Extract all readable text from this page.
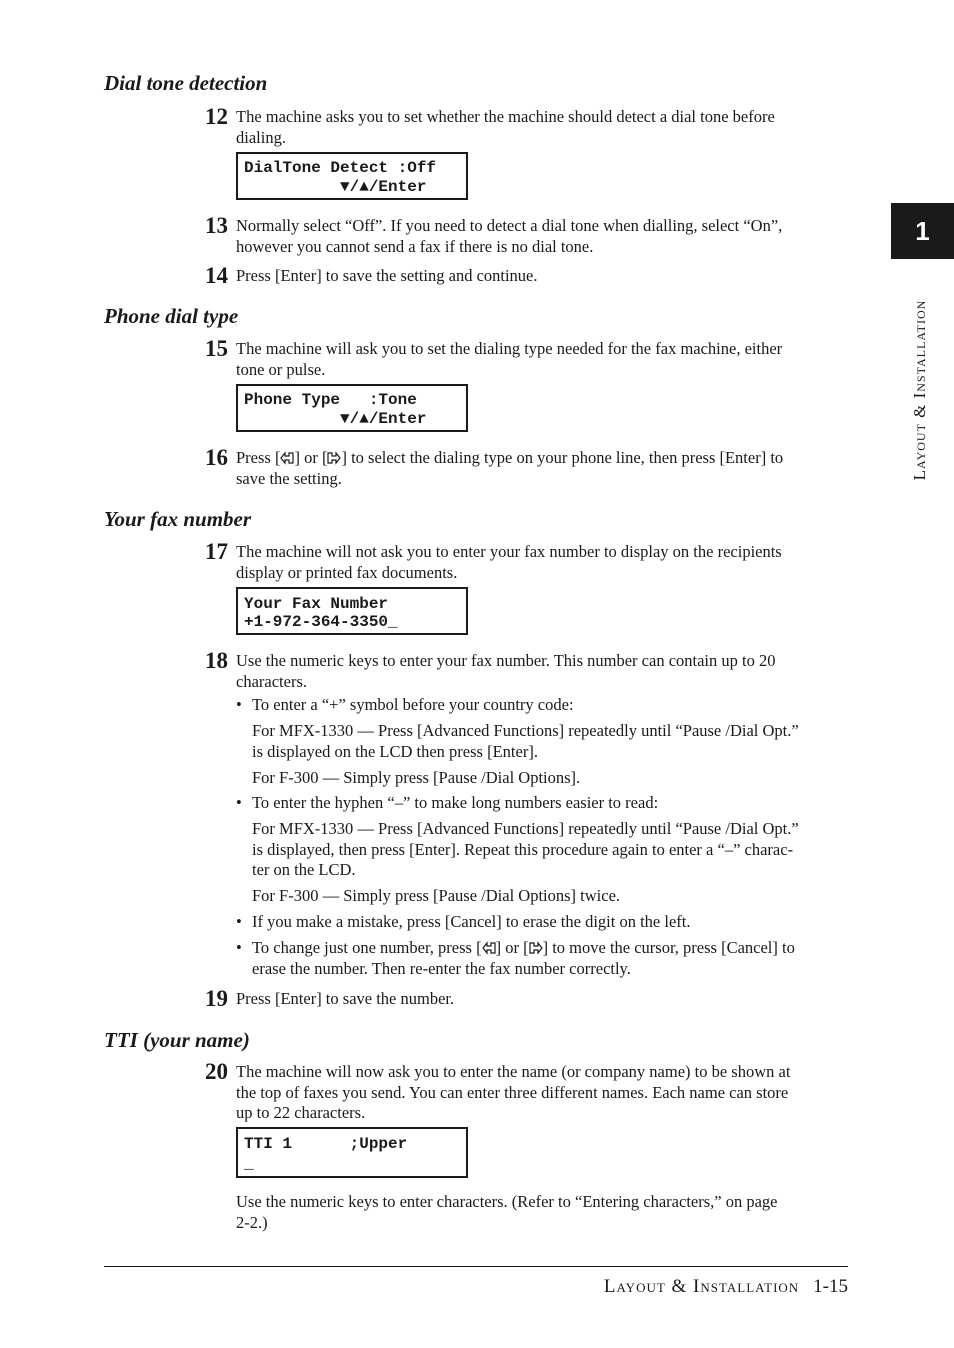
1
Layout & Installation
Dial tone detection
12 The machine asks you to set whether the machine should detect a dial tone before
dialing.
DialTone Detect :Off
▼/▲/Enter
13 Normally select “Off”. If you need to detect a dial tone when dialling, select “On”,
however you cannot send a fax if there is no dial tone.
14 Press [Enter] to save the setting and continue.
Phone dial type
15 The machine will ask you to set the dialing type needed for the fax machine, either
tone or pulse.
Phone Type   :Tone
▼/▲/Enter
16 Press [ ] or [ ] to select the dialing type on your phone line, then press [Enter] to
save the setting.
Your fax number
17 The machine will not ask you to enter your fax number to display on the recipients
display or printed fax documents.
Your Fax Number
+1-972-364-3350_
18 Use the numeric keys to enter your fax number. This number can contain up to 20
characters.
• To enter a “+” symbol before your country code:
For MFX-1330 — Press [Advanced Functions] repeatedly until “Pause /Dial Opt.”
is displayed on the LCD then press [Enter].
For F-300 — Simply press [Pause /Dial Options].
• To enter the hyphen “–” to make long numbers easier to read:
For MFX-1330 — Press [Advanced Functions] repeatedly until “Pause /Dial Opt.”
is displayed, then press [Enter]. Repeat this procedure again to enter a “–” charac-
ter on the LCD.
For F-300 — Simply press [Pause /Dial Options] twice.
• If you make a mistake, press [Cancel] to erase the digit on the left.
• To change just one number, press [ ] or [ ] to move the cursor, press [Cancel] to
erase the number. Then re-enter the fax number correctly.
19 Press [Enter] to save the number.
TTI (your name)
20 The machine will now ask you to enter the name (or company name) to be shown at
the top of faxes you send. You can enter three different names. Each name can store
up to 22 characters.
TTI 1      ;Upper
_
Use the numeric keys to enter characters. (Refer to “Entering characters,” on page
2-2.)
Layout & Installation 1-15
